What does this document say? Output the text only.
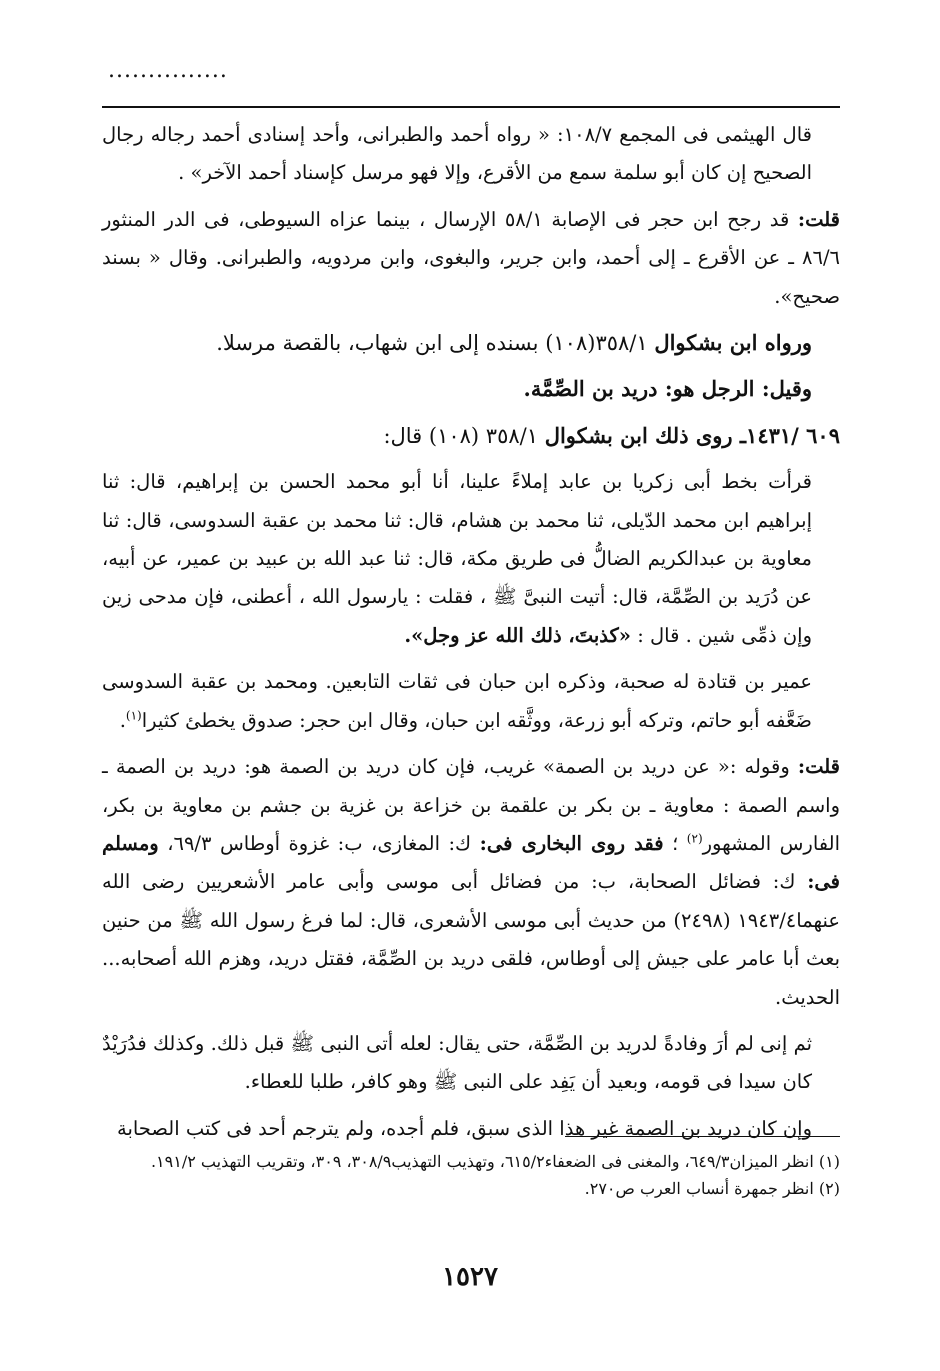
...............

قال الهيثمى فى المجمع ١٠٨/٧: « رواه أحمد والطبرانى، وأحد إسنادى أحمد رجاله رجال الصحيح إن كان أبو سلمة سمع من الأقرع، وإلا فهو مرسل كإسناد أحمد الآخر» .

قلت: قد رجح ابن حجر فى الإصابة ٥٨/١ الإرسال ، بينما عزاه السيوطى، فى الدر المنثور ٨٦/٦ ـ عن الأقرع ـ إلى أحمد، وابن جرير، والبغوى، وابن مردويه، والطبرانى. وقال « بسند صحيح».

ورواه ابن بشكوال ٣٥٨/١(١٠٨) بسنده إلى ابن شهاب، بالقصة مرسلا.

وقيل: الرجل هو: دريد بن الصِّمَّة.

٦٠٩ /١٤٣١ـ روى ذلك ابن بشكوال ٣٥٨/١ (١٠٨) قال:

قرأت بخط أبى زكريا بن عابد إملاءً علينا، أنا أبو محمد الحسن بن إبراهيم، قال: ثنا إبراهيم ابن محمد الدّيلى، ثنا محمد بن هشام، قال: ثنا محمد بن عقبة السدوسى، قال: ثنا معاوية بن عبدالكريم الضالُّ فى طريق مكة، قال: ثنا عبد الله بن عبيد بن عمير، عن أبيه، عن دُرَيد بن الصِّمَّة، قال: أتيت النبىَّ ﷺ ، فقلت : يارسول الله ، أعطنى، فإن مدحى زين وإن ذمِّى شين . قال : «كذبتَ، ذلك الله عز وجل».

عمير بن قتادة له صحبة، وذكره ابن حبان فى ثقات التابعين. ومحمد بن عقبة السدوسى ضَعَّفه أبو حاتم، وتركه أبو زرعة، ووثَّقه ابن حبان، وقال ابن حجر: صدوق يخطئ كثيرا$^{(١)}$.

قلت: وقوله :« عن دريد بن الصمة» غريب، فإن كان دريد بن الصمة هو: دريد بن الصمة ـ واسم الصمة : معاوية ـ بن بكر بن علقمة بن خزاعة بن غزية بن جشم بن معاوية بن بكر، الفارس المشهور$^{(٢)}$ ؛ فقد روى البخارى فى: ك: المغازى، ب: غزوة أوطاس ٦٩/٣، ومسلم فى: ك: فضائل الصحابة، ب: من فضائل أبى موسى وأبى عامر الأشعريين رضى الله عنهما١٩٤٣/٤ (٢٤٩٨) من حديث أبى موسى الأشعرى، قال: لما فرغ رسول الله ﷺ من حنين بعث أبا عامر على جيش إلى أوطاس، فلقى دريد بن الصِّمَّة، فقتل دريد، وهزم الله أصحابه... الحديث.

ثم إنى لم أرَ وفادةً لدريد بن الصِّمَّة، حتى يقال: لعله أتى النبى ﷺ قبل ذلك. وكذلك فدُرَيْدٌ كان سيدا فى قومه، وبعيد أن يَفِد على النبى ﷺ وهو كافر، طلبا للعطاء.

وإن كان دريد بن الصمة غير هذا الذى سبق، فلم أجده، ولم يترجم أحد فى كتب الصحابة

(١) انظر الميزان٦٤٩/٣، والمغنى فى الضعفاء٦١٥/٢، وتهذيب التهذيب٣٠٨/٩، ٣٠٩، وتقريب التهذيب ١٩١/٢.

(٢) انظر جمهرة أنساب العرب ص٢٧٠.

١٥٢٧
